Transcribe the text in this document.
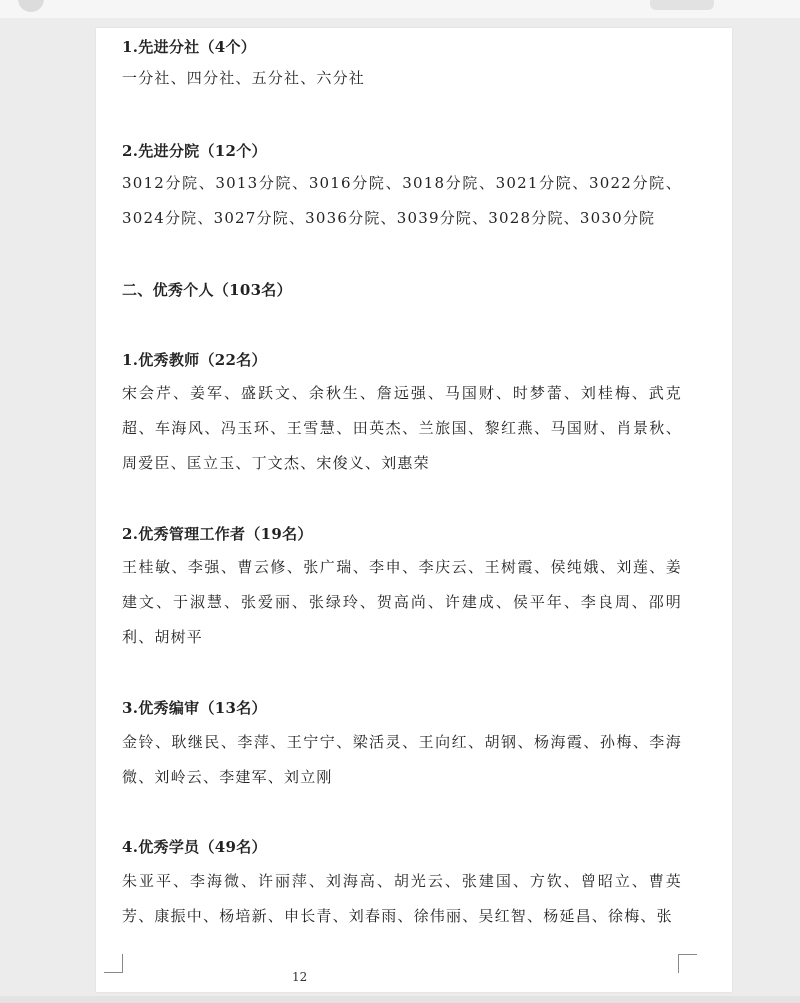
1.先进分社（4个）
一分社、四分社、五分社、六分社
2.先进分院（12个）
3012分院、3013分院、3016分院、3018分院、3021分院、3022分院、3024分院、3027分院、3036分院、3039分院、3028分院、3030分院
二、优秀个人（103名）
1.优秀教师（22名）
宋会芹、姜军、盛跃文、余秋生、詹远强、马国财、时梦蕾、刘桂梅、武克超、车海风、冯玉环、王雪慧、田英杰、兰旅国、黎红燕、马国财、肖景秋、周爱臣、匡立玉、丁文杰、宋俊义、刘惠荣
2.优秀管理工作者（19名）
王桂敏、李强、曹云修、张广瑞、李申、李庆云、王树霞、侯纯娥、刘莲、姜建文、于淑慧、张爱丽、张绿玲、贺高尚、许建成、侯平年、李良周、邵明利、胡树平
3.优秀编审（13名）
金铃、耿继民、李萍、王宁宁、梁活灵、王向红、胡钢、杨海霞、孙梅、李海微、刘岭云、李建军、刘立刚
4.优秀学员（49名）
朱亚平、李海微、许丽萍、刘海高、胡光云、张建国、方钦、曾昭立、曹英芳、康振中、杨培新、申长青、刘春雨、徐伟丽、吴红智、杨延昌、徐梅、张
12
